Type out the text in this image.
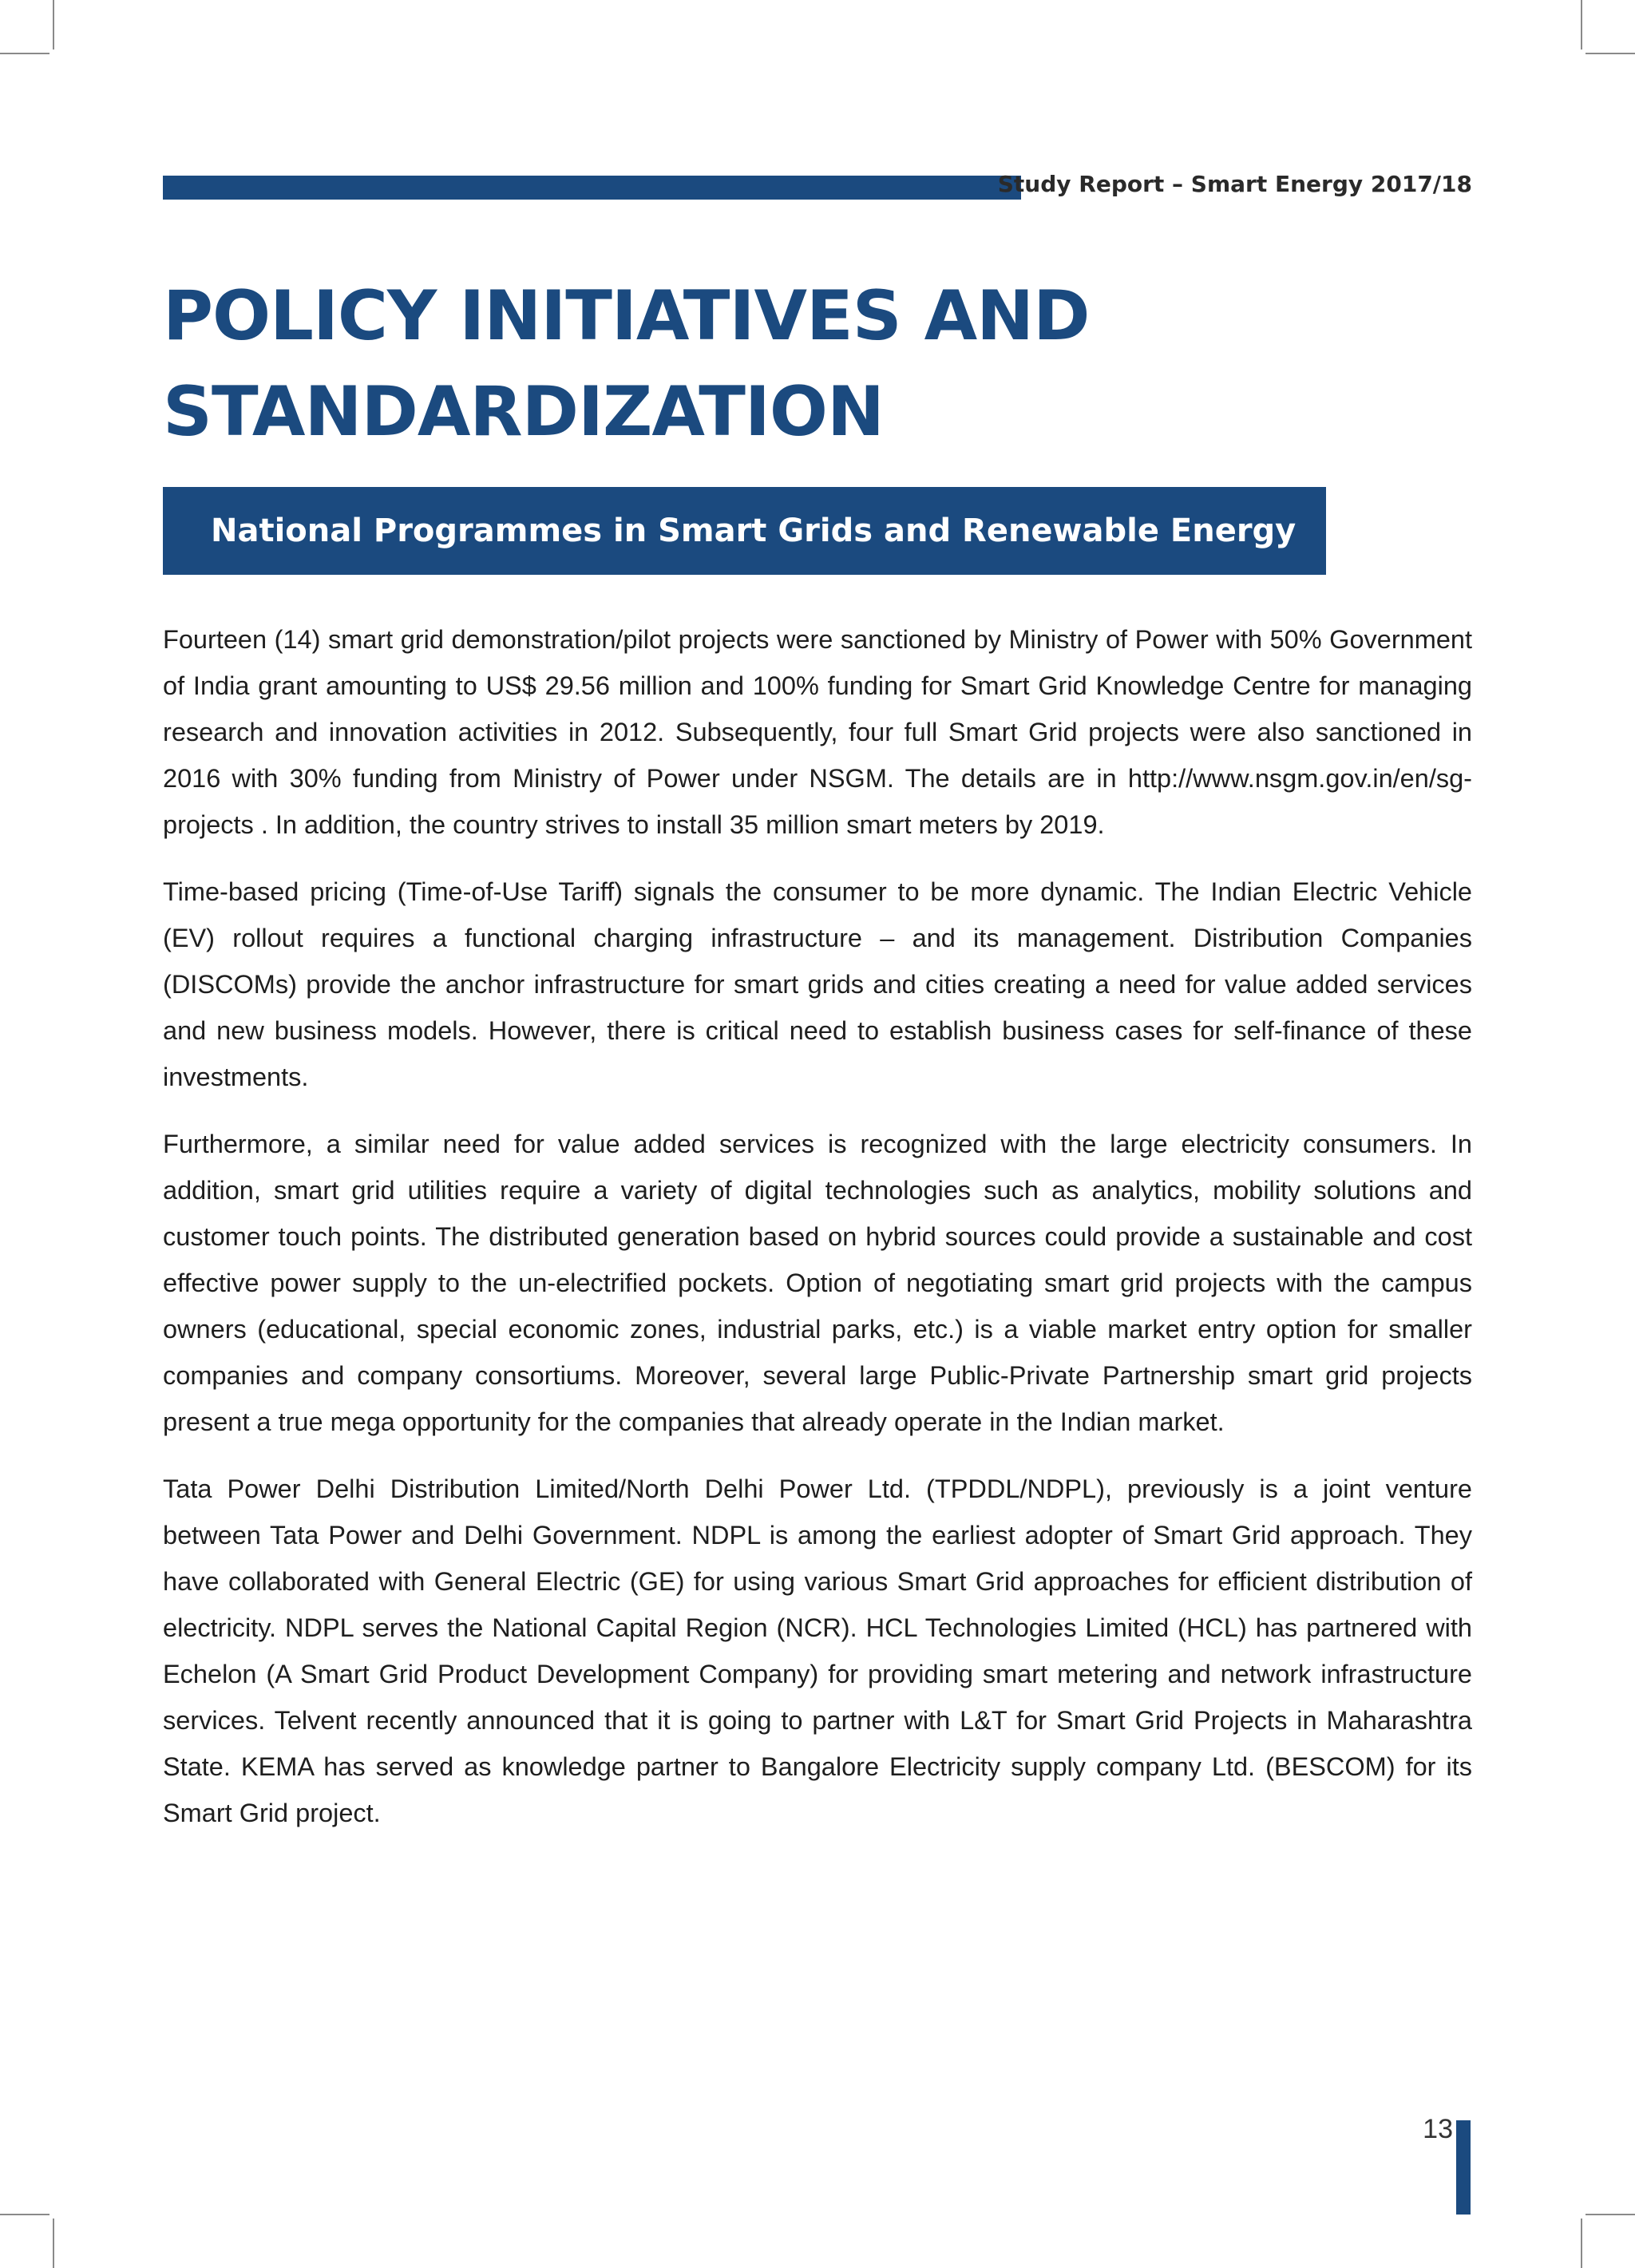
Study Report – Smart Energy 2017/18
POLICY INITIATIVES AND
STANDARDIZATION
National Programmes in Smart Grids and Renewable Energy

Fourteen (14) smart grid demonstration/pilot projects were sanctioned by Ministry of Power with 50% Government of India grant amounting to US$ 29.56 million and 100% funding for Smart Grid Knowledge Centre for managing research and innovation activities in 2012. Subsequently, four full Smart Grid projects were also sanctioned in 2016 with 30% funding from Ministry of Power under NSGM. The details are in http://www.nsgm.gov.in/en/sg-projects . In addition, the country strives to install 35 million smart meters by 2019.

Time-based pricing (Time-of-Use Tariff) signals the consumer to be more dynamic. The Indian Electric Vehicle (EV) rollout requires a functional charging infrastructure – and its management. Distribution Companies (DISCOMs) provide the anchor infrastructure for smart grids and cities creating a need for value added services and new business models. However, there is critical need to establish business cases for self-finance of these investments.

Furthermore, a similar need for value added services is recognized with the large electricity consumers. In addition, smart grid utilities require a variety of digital technologies such as analytics, mobility solutions and customer touch points. The distributed generation based on hybrid sources could provide a sustainable and cost effective power supply to the un-electrified pockets. Option of negotiating smart grid projects with the campus owners (educational, special economic zones, industrial parks, etc.) is a viable market entry option for smaller companies and company consortiums. Moreover, several large Public-Private Partnership smart grid projects present a true mega opportunity for the companies that already operate in the Indian market.

Tata Power Delhi Distribution Limited/North Delhi Power Ltd. (TPDDL/NDPL), previously is a joint venture between Tata Power and Delhi Government. NDPL is among the earliest adopter of Smart Grid approach. They have collaborated with General Electric (GE) for using various Smart Grid approaches for efficient distribution of electricity. NDPL serves the National Capital Region (NCR). HCL Technologies Limited (HCL) has partnered with Echelon (A Smart Grid Product Development Company) for providing smart metering and network infrastructure services. Telvent recently announced that it is going to partner with L&T for Smart Grid Projects in Maharashtra State. KEMA has served as knowledge partner to Bangalore Electricity supply company Ltd. (BESCOM) for its Smart Grid project.

13
